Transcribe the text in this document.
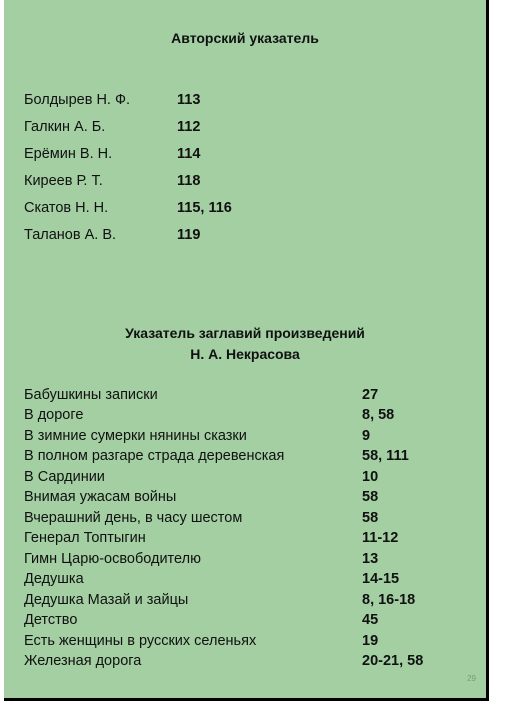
Авторский указатель
Болдырев Н. Ф.	113
Галкин А. Б.	112
Ерёмин В. Н.	114
Киреев Р. Т.	118
Скатов Н. Н.	115, 116
Таланов А. В.	119
Указатель заглавий произведений
Н. А. Некрасова
Бабушкины записки	27
В дороге	8, 58
В зимние сумерки нянины сказки	9
В полном разгаре страда деревенская	58, 111
В Сардинии	10
Внимая ужасам войны	58
Вчерашний день, в часу шестом	58
Генерал Топтыгин	11-12
Гимн Царю-освободителю	13
Дедушка	14-15
Дедушка Мазай и зайцы	8, 16-18
Детство	45
Есть женщины в русских селеньях	19
Железная дорога	20-21, 58
29
